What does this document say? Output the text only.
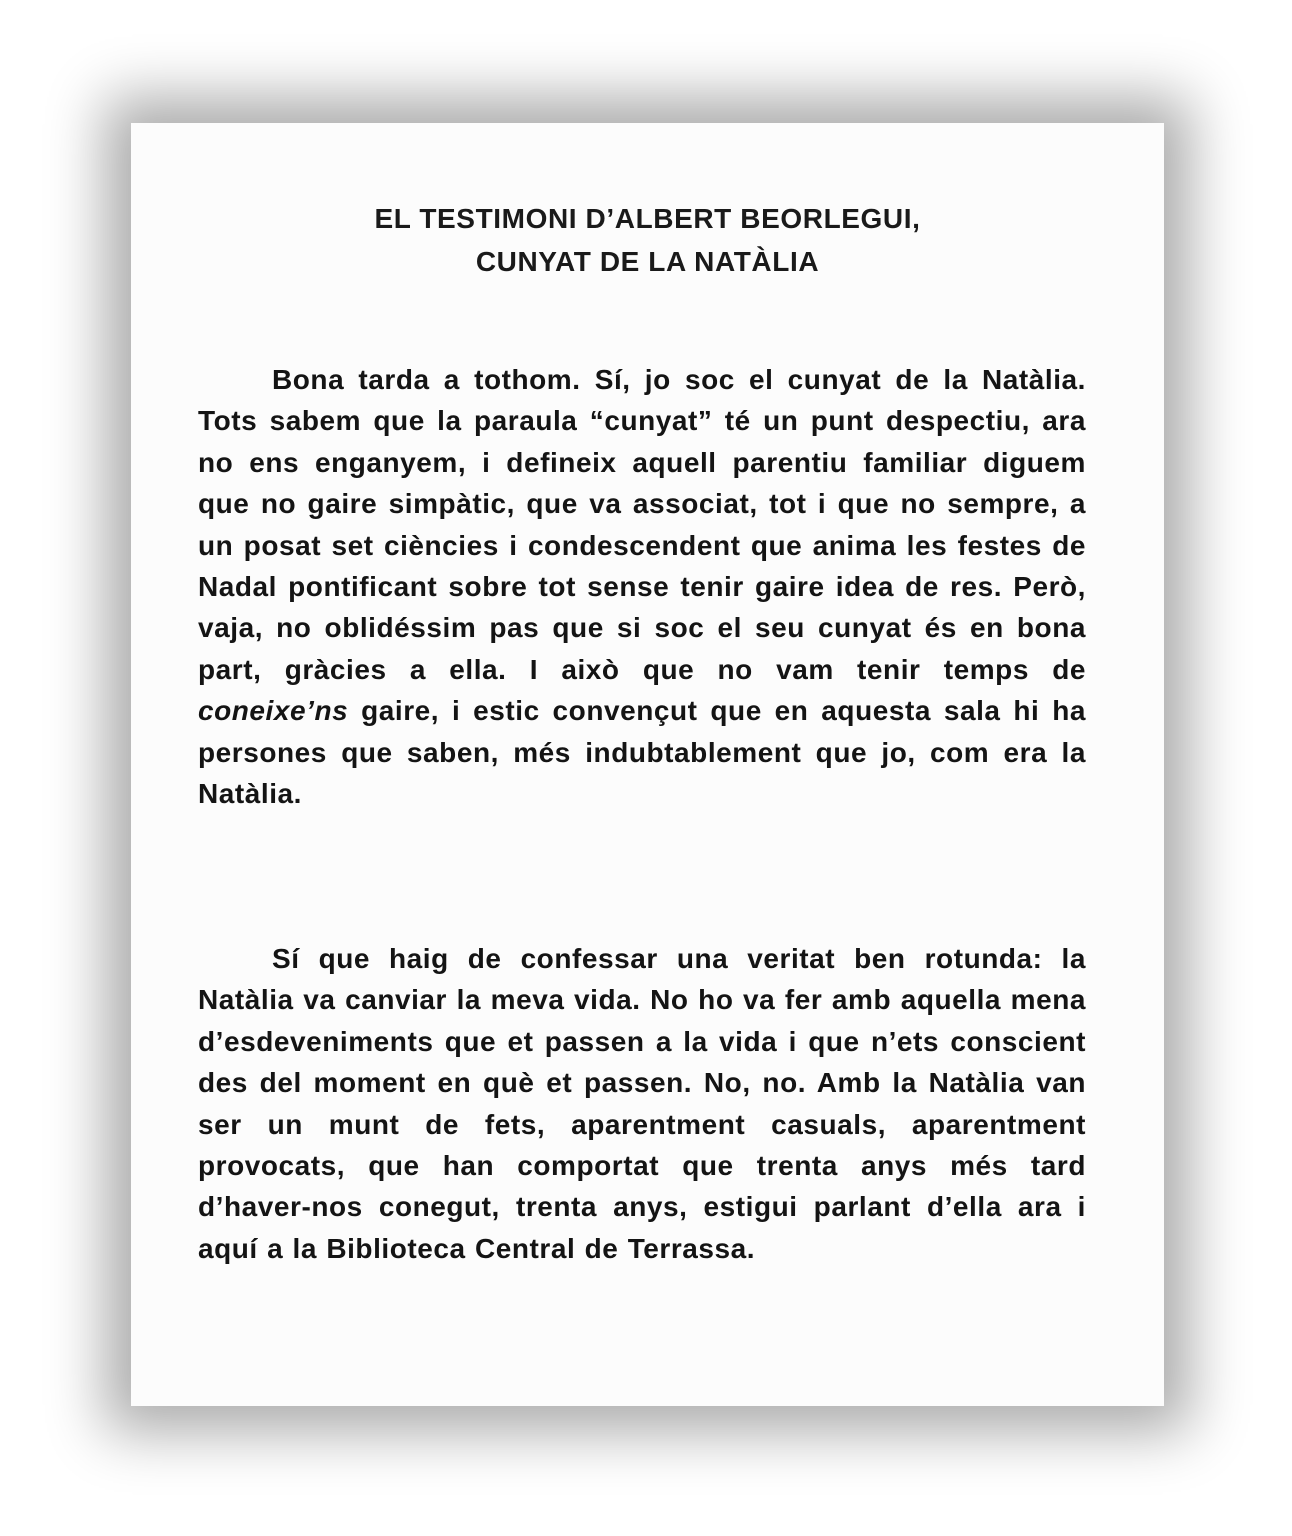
EL TESTIMONI D’ALBERT BEORLEGUI,
CUNYAT DE LA NATÀLIA

Bona tarda a tothom. Sí, jo soc el cunyat de la Natàlia. Tots sabem que la paraula “cunyat” té un punt despectiu, ara no ens enganyem, i defineix aquell parentiu familiar diguem que no gaire simpàtic, que va associat, tot i que no sempre, a un posat set ciències i condescendent que anima les festes de Nadal pontificant sobre tot sense tenir gaire idea de res. Però, vaja, no oblidéssim pas que si soc el seu cunyat és en bona part, gràcies a ella. I això que no vam tenir temps de coneixe’ns gaire, i estic convençut que en aquesta sala hi ha persones que saben, més indubtablement que jo, com era la Natàlia.

Sí que haig de confessar una veritat ben rotunda: la Natàlia va canviar la meva vida. No ho va fer amb aquella mena d’esdeveniments que et passen a la vida i que n’ets conscient des del moment en què et passen. No, no. Amb la Natàlia van ser un munt de fets, aparentment casuals, aparentment provocats, que han comportat que trenta anys més tard d’haver-nos conegut, trenta anys, estigui parlant d’ella ara i aquí a la Biblioteca Central de Terrassa.
